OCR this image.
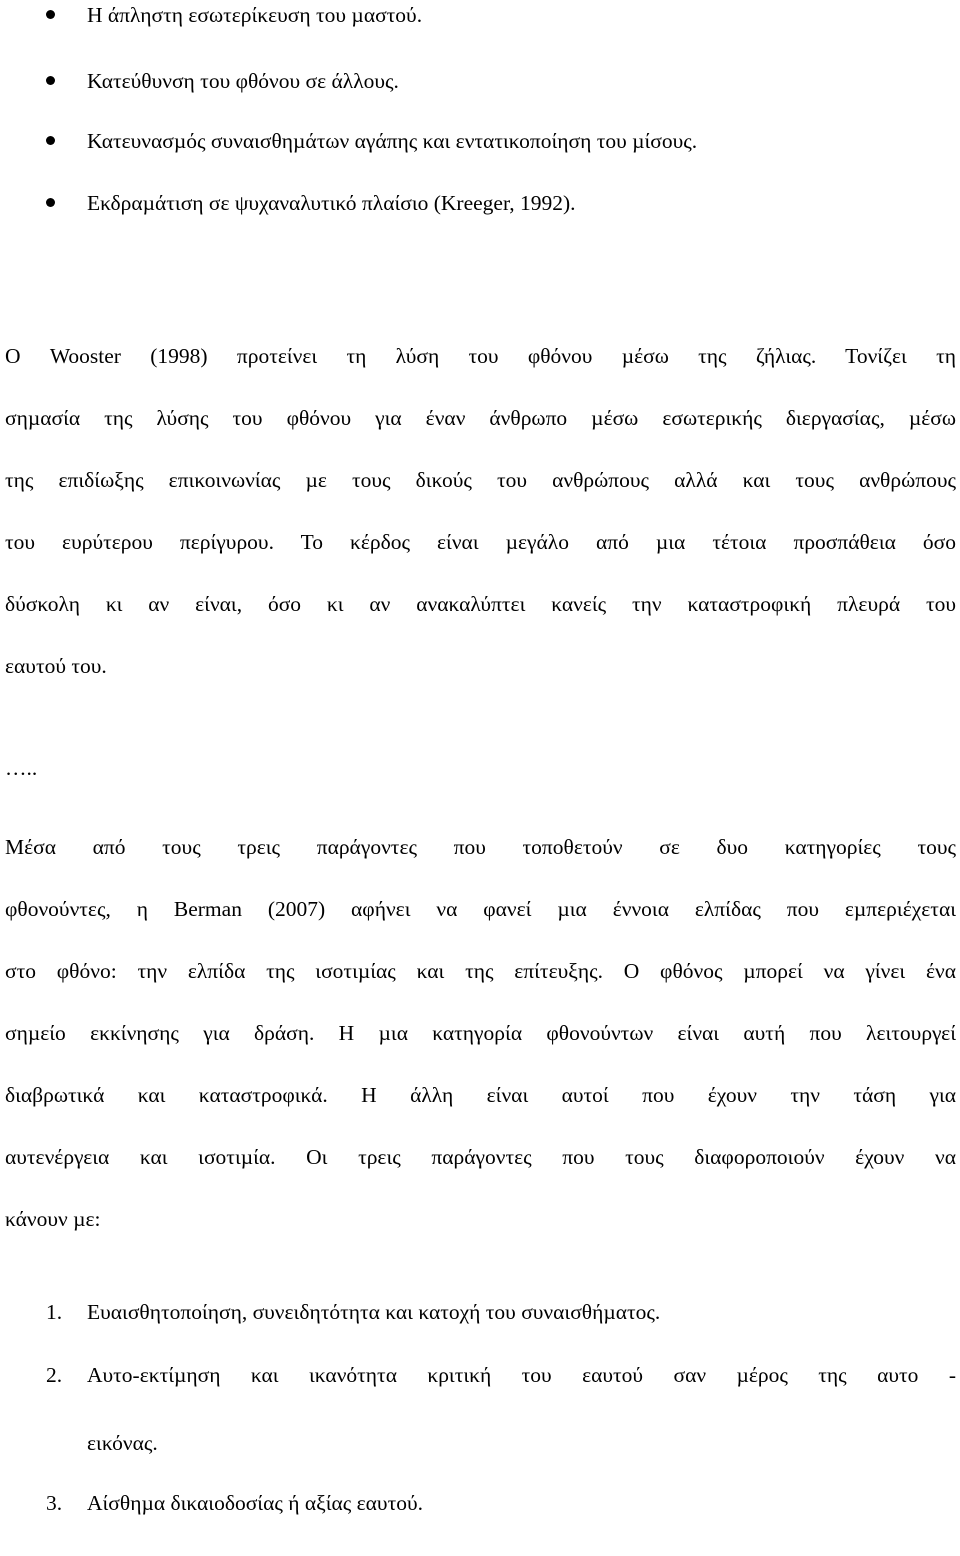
Η άπληστη εσωτερίκευση του µαστού.
Κατεύθυνση του φθόνου σε άλλους.
Κατευνασµός συναισθηµάτων αγάπης και εντατικοποίηση του µίσους.
Εκδραµάτιση σε ψυχαναλυτικό πλαίσιο (Kreeger, 1992).
Ο Wooster (1998) προτείνει τη λύση του φθόνου µέσω της ζήλιας. Τονίζει τη
σηµασία της λύσης του φθόνου για έναν άνθρωπο µέσω εσωτερικής διεργασίας, µέσω
της επιδίωξης επικοινωνίας µε τους δικούς του ανθρώπους αλλά και τους ανθρώπους
του ευρύτερου περίγυρου. Το κέρδος είναι µεγάλο από µια τέτοια προσπάθεια όσο
δύσκολη κι αν είναι, όσο κι αν ανακαλύπτει κανείς την καταστροφική πλευρά του
εαυτού του.
…..
Μέσα από τους τρεις παράγοντες που τοποθετούν σε δυο κατηγορίες τους
φθονούντες, η Berman (2007) αφήνει να φανεί µια έννοια ελπίδας που εµπεριέχεται
στο φθόνο: την ελπίδα της ισοτιµίας και της επίτευξης. Ο φθόνος µπορεί να γίνει ένα
σηµείο εκκίνησης για δράση. Η µια κατηγορία φθονούντων είναι αυτή που λειτουργεί
διαβρωτικά και καταστροφικά. Η άλλη είναι αυτοί που έχουν την τάση για
αυτενέργεια και ισοτιµία. Οι τρεις παράγοντες που τους διαφοροποιούν έχουν να
κάνουν µε:
1. Ευαισθητοποίηση, συνειδητότητα και κατοχή του συναισθήµατος.
2. Αυτο-εκτίµηση και ικανότητα κριτική του εαυτού σαν µέρος της αυτο -
εικόνας.
3. Αίσθηµα δικαιοδοσίας ή αξίας εαυτού.
